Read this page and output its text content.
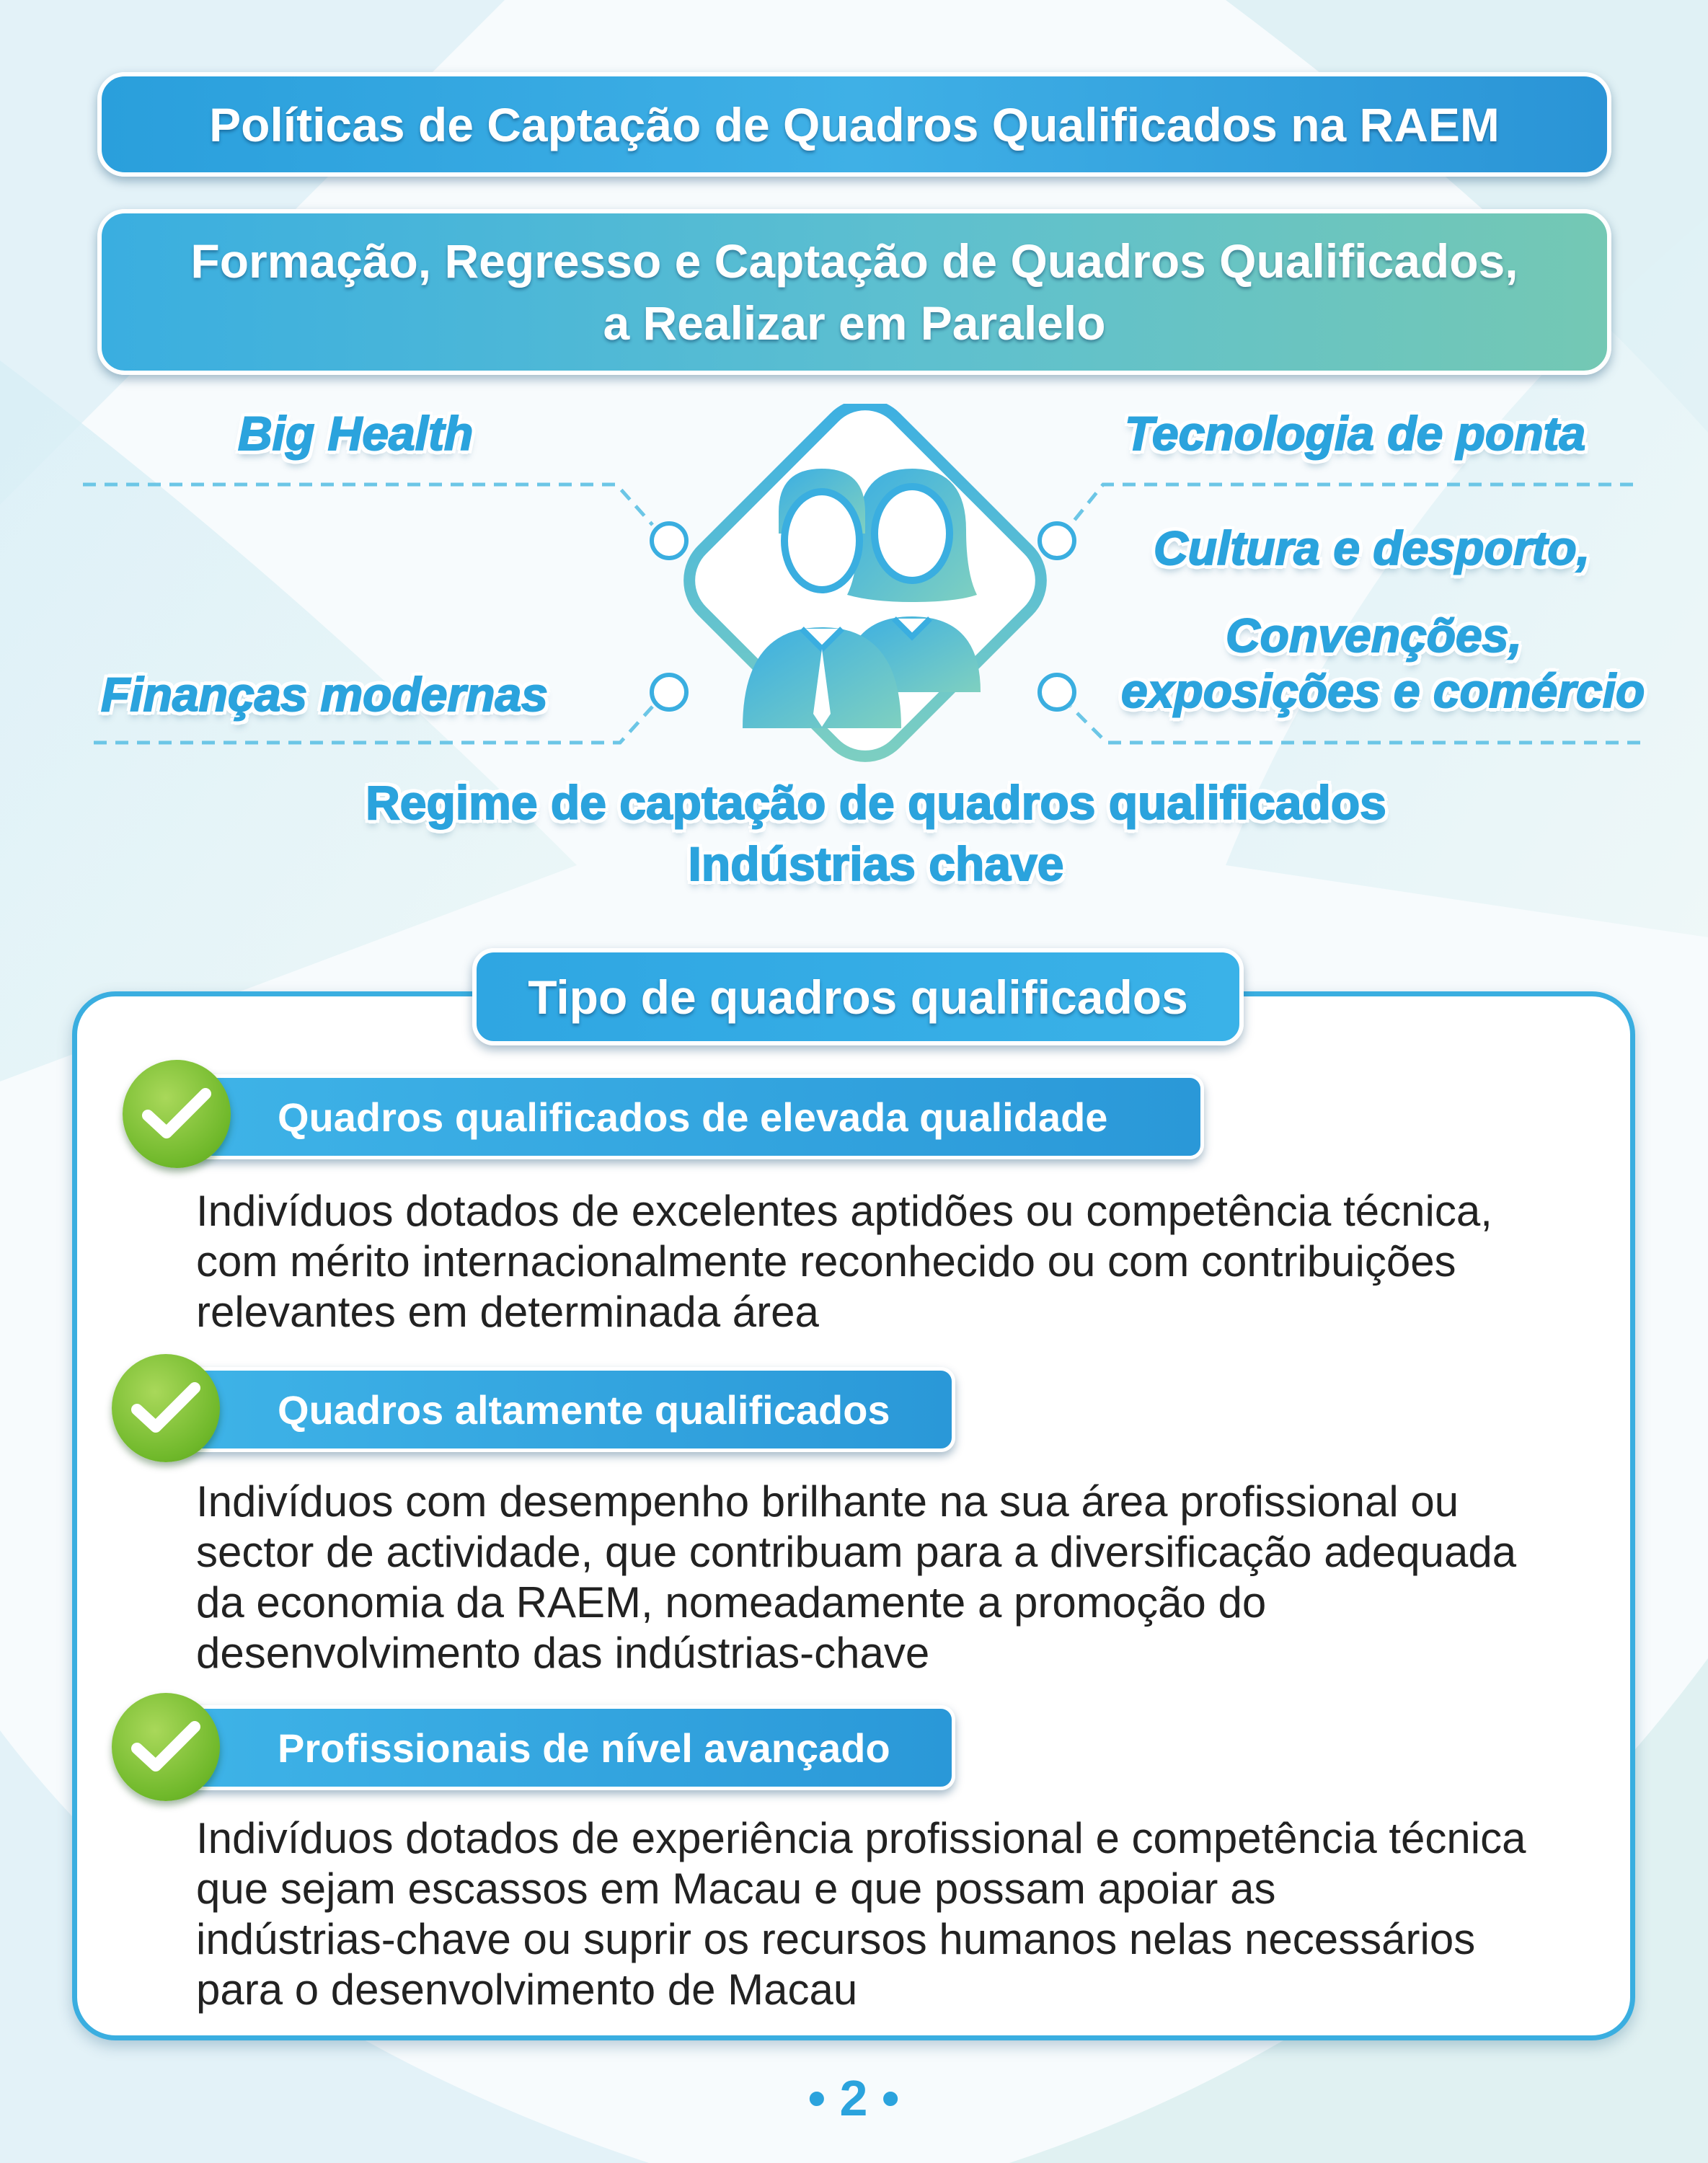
Políticas de Captação de Quadros Qualificados na RAEM
Formação, Regresso e Captação de Quadros Qualificados,
a Realizar em Paralelo
Big Health	Tecnologia de ponta
Cultura e desporto,
Convenções,
exposições e comércio
Finanças modernas
Regime de captação de quadros qualificados
Indústrias chave
Tipo de quadros qualificados
Quadros qualificados de elevada qualidade
Indivíduos dotados de excelentes aptidões ou competência técnica,
com mérito internacionalmente reconhecido ou com contribuições
relevantes em determinada área
Quadros altamente qualificados
Indivíduos com desempenho brilhante na sua área profissional ou
sector de actividade, que contribuam para a diversificação adequada
da economia da RAEM, nomeadamente a promoção do
desenvolvimento das indústrias-chave
Profissionais de nível avançado
Indivíduos dotados de experiência profissional e competência técnica
que sejam escassos em Macau e que possam apoiar as
indústrias-chave ou suprir os recursos humanos nelas necessários
para o desenvolvimento de Macau
• 2 •
